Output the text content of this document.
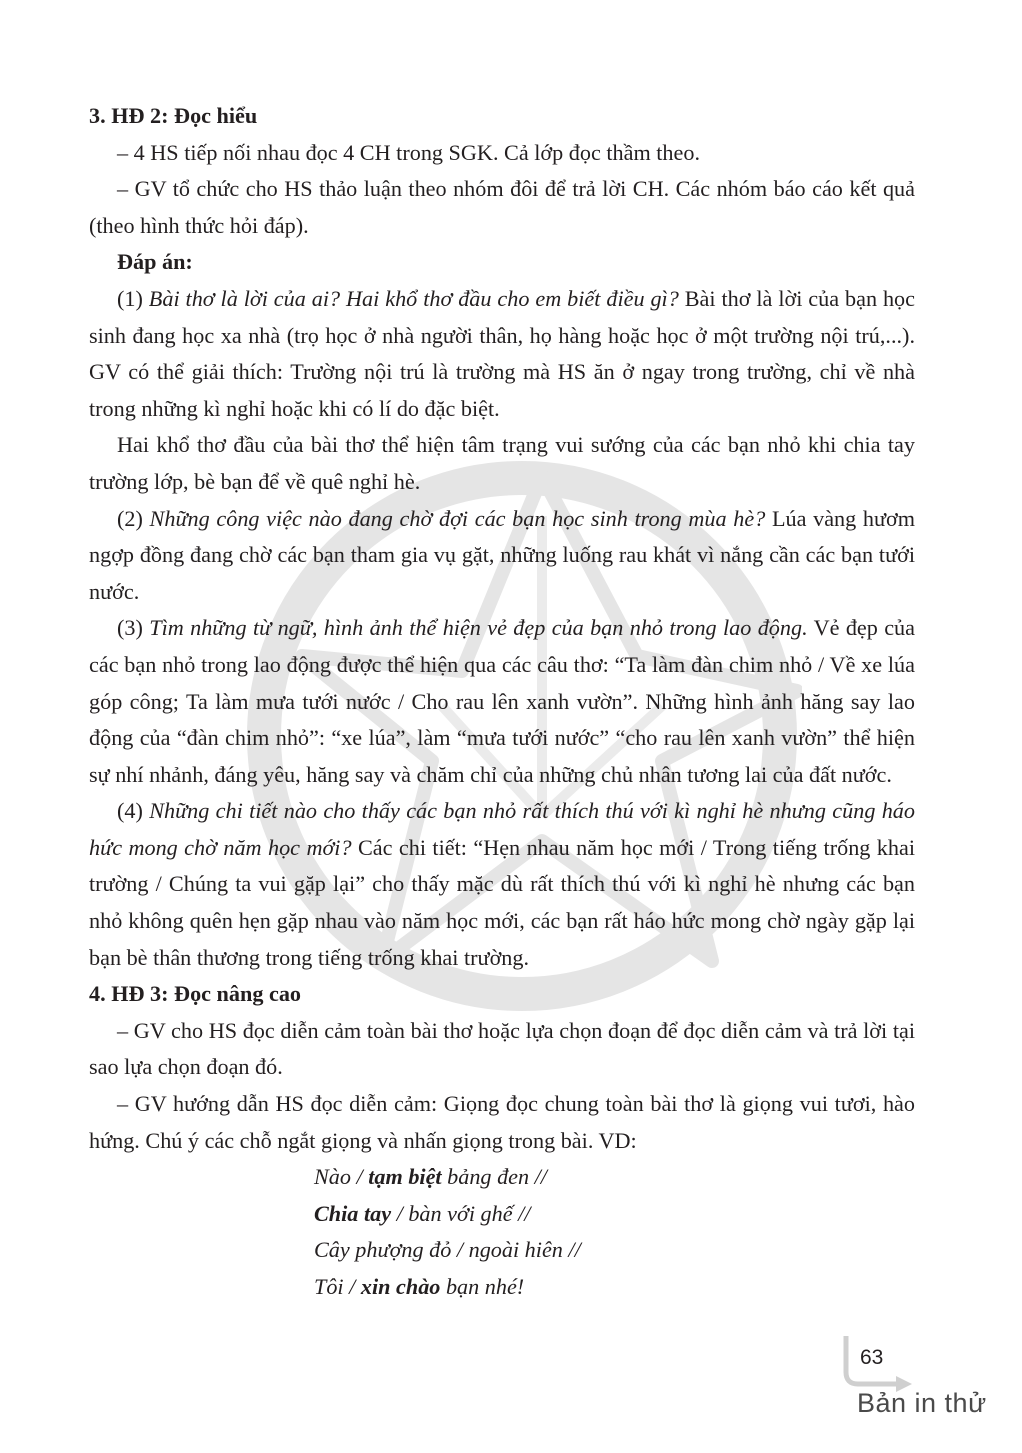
3. HĐ 2: Đọc hiểu

– 4 HS tiếp nối nhau đọc 4 CH trong SGK. Cả lớp đọc thầm theo.

– GV tổ chức cho HS thảo luận theo nhóm đôi để trả lời CH. Các nhóm báo cáo kết quả (theo hình thức hỏi đáp).

Đáp án:

(1) Bài thơ là lời của ai? Hai khổ thơ đầu cho em biết điều gì? Bài thơ là lời của bạn học sinh đang học xa nhà (trọ học ở nhà người thân, họ hàng hoặc học ở một trường nội trú,...). GV có thể giải thích: Trường nội trú là trường mà HS ăn ở ngay trong trường, chỉ về nhà trong những kì nghỉ hoặc khi có lí do đặc biệt.

Hai khổ thơ đầu của bài thơ thể hiện tâm trạng vui sướng của các bạn nhỏ khi chia tay trường lớp, bè bạn để về quê nghỉ hè.

(2) Những công việc nào đang chờ đợi các bạn học sinh trong mùa hè? Lúa vàng hươm ngợp đồng đang chờ các bạn tham gia vụ gặt, những luống rau khát vì nắng cần các bạn tưới nước.

(3) Tìm những từ ngữ, hình ảnh thể hiện vẻ đẹp của bạn nhỏ trong lao động. Vẻ đẹp của các bạn nhỏ trong lao động được thể hiện qua các câu thơ: “Ta làm đàn chim nhỏ / Về xe lúa góp công; Ta làm mưa tưới nước / Cho rau lên xanh vườn”. Những hình ảnh hăng say lao động của “đàn chim nhỏ”: “xe lúa”, làm “mưa tưới nước” “cho rau lên xanh vườn” thể hiện sự nhí nhảnh, đáng yêu, hăng say và chăm chỉ của những chủ nhân tương lai của đất nước.

(4) Những chi tiết nào cho thấy các bạn nhỏ rất thích thú với kì nghỉ hè nhưng cũng háo hức mong chờ năm học mới? Các chi tiết: “Hẹn nhau năm học mới / Trong tiếng trống khai trường / Chúng ta vui gặp lại” cho thấy mặc dù rất thích thú với kì nghỉ hè nhưng các bạn nhỏ không quên hẹn gặp nhau vào năm học mới, các bạn rất háo hức mong chờ ngày gặp lại bạn bè thân thương trong tiếng trống khai trường.

4. HĐ 3: Đọc nâng cao

– GV cho HS đọc diễn cảm toàn bài thơ hoặc lựa chọn đoạn để đọc diễn cảm và trả lời tại sao lựa chọn đoạn đó.

– GV hướng dẫn HS đọc diễn cảm: Giọng đọc chung toàn bài thơ là giọng vui tươi, hào hứng. Chú ý các chỗ ngắt giọng và nhấn giọng trong bài. VD:

Nào / tạm biệt bảng đen //

Chia tay / bàn với ghế //

Cây phượng đỏ / ngoài hiên //

Tôi / xin chào bạn nhé!

63
Bản in thử
